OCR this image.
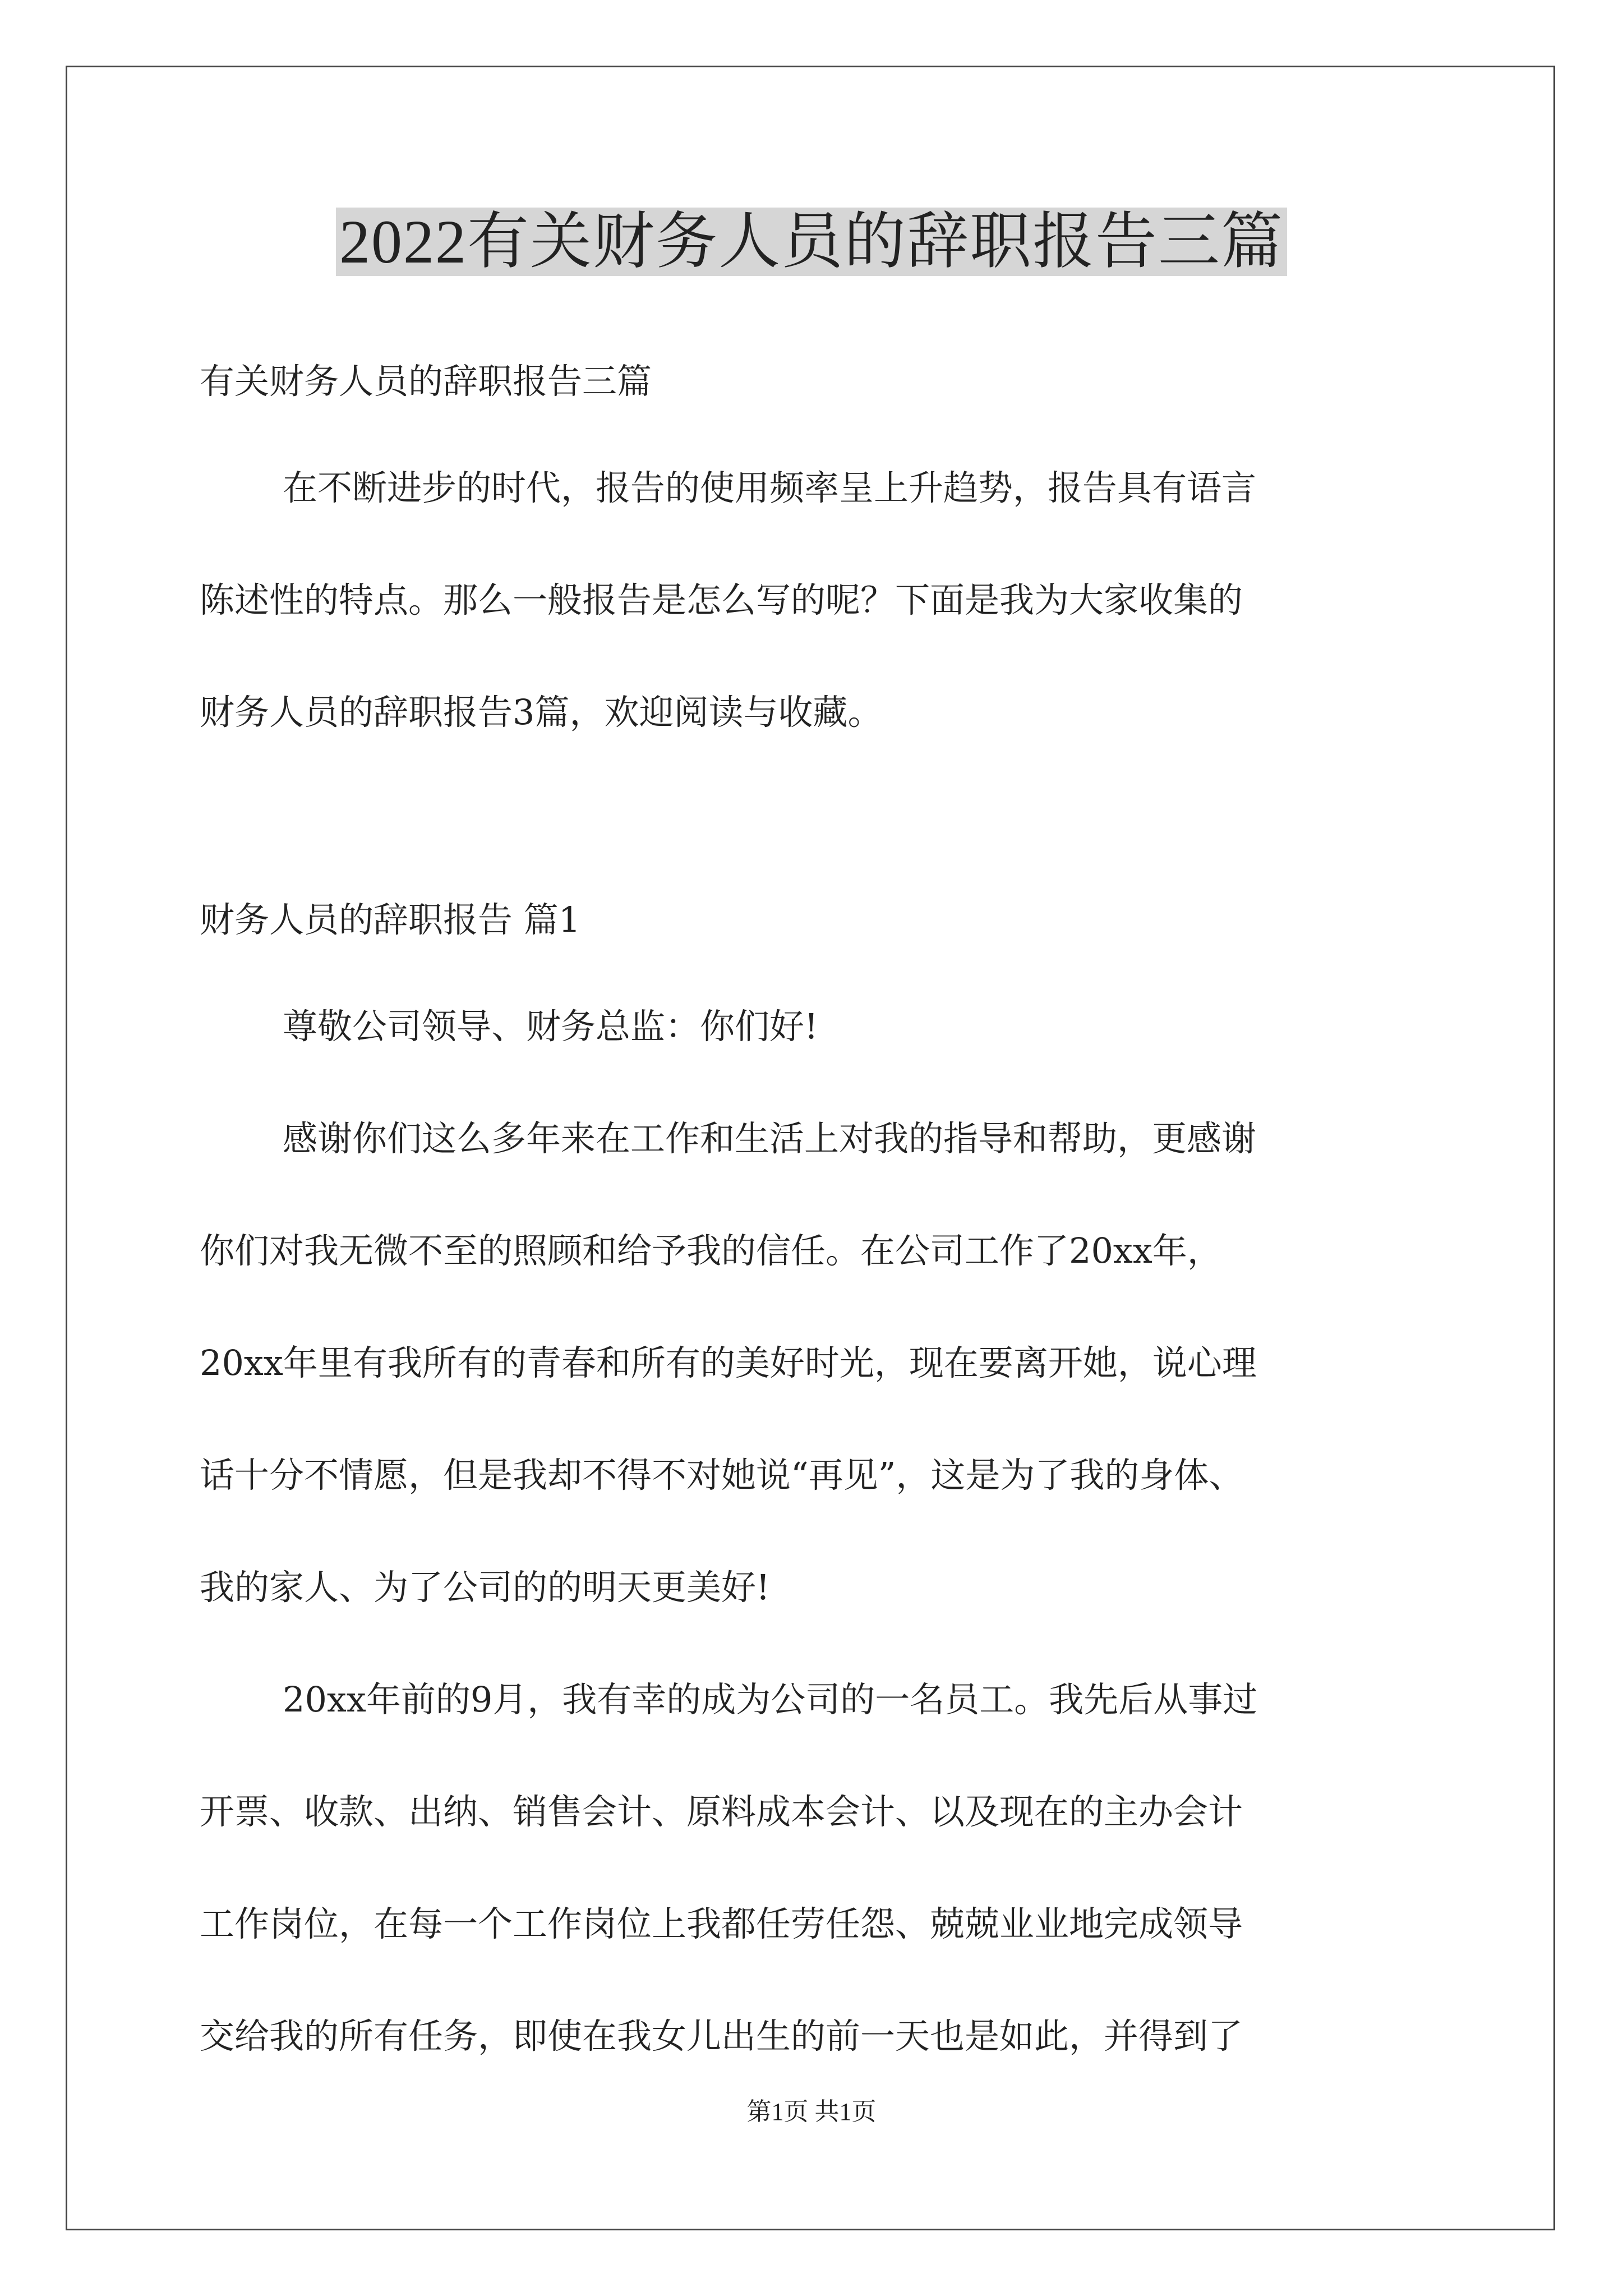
2022有关财务人员的辞职报告三篇
有关财务人员的辞职报告三篇
在不断进步的时代，报告的使用频率呈上升趋势，报告具有语言
陈述性的特点。那么一般报告是怎么写的呢？下面是我为大家收集的
财务人员的辞职报告3篇，欢迎阅读与收藏。
财务人员的辞职报告 篇1
尊敬公司领导、财务总监：你们好!
感谢你们这么多年来在工作和生活上对我的指导和帮助，更感谢
你们对我无微不至的照顾和给予我的信任。在公司工作了20xx年，
20xx年里有我所有的青春和所有的美好时光，现在要离开她，说心理
话十分不情愿，但是我却不得不对她说“再见”，这是为了我的身体、
我的家人、为了公司的的明天更美好!
20xx年前的9月，我有幸的成为公司的一名员工。我先后从事过
开票、收款、出纳、销售会计、原料成本会计、以及现在的主办会计
工作岗位，在每一个工作岗位上我都任劳任怨、兢兢业业地完成领导
交给我的所有任务，即使在我女儿出生的前一天也是如此，并得到了
第1页 共1页
